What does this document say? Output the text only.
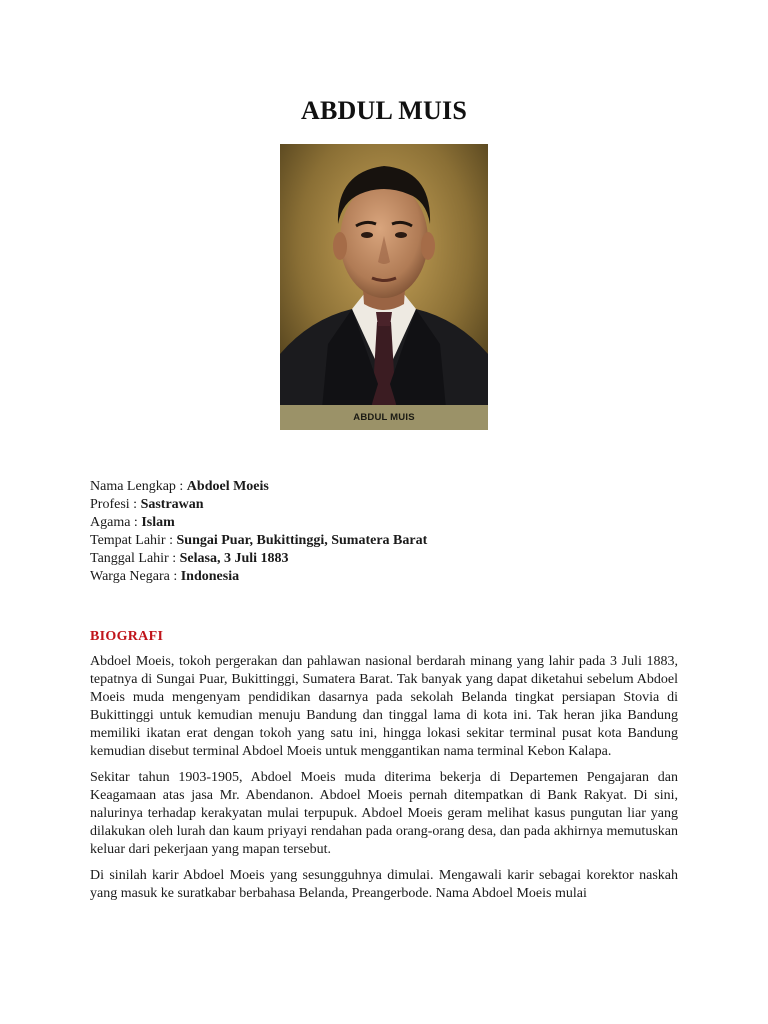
ABDUL MUIS
ABDUL MUIS
Nama Lengkap : Abdoel Moeis
Profesi : Sastrawan
Agama : Islam
Tempat Lahir : Sungai Puar, Bukittinggi, Sumatera Barat
Tanggal Lahir : Selasa, 3 Juli 1883
Warga Negara : Indonesia
BIOGRAFI

Abdoel Moeis, tokoh pergerakan dan pahlawan nasional berdarah minang yang lahir pada 3 Juli 1883, tepatnya di Sungai Puar, Bukittinggi, Sumatera Barat. Tak banyak yang dapat diketahui sebelum Abdoel Moeis muda mengenyam pendidikan dasarnya pada sekolah Belanda tingkat persiapan Stovia di Bukittinggi untuk kemudian menuju Bandung dan tinggal lama di kota ini. Tak heran jika Bandung memiliki ikatan erat dengan tokoh yang satu ini, hingga lokasi sekitar terminal pusat kota Bandung kemudian disebut terminal Abdoel Moeis untuk menggantikan nama terminal Kebon Kalapa.

Sekitar tahun 1903-1905, Abdoel Moeis muda diterima bekerja di Departemen Pengajaran dan Keagamaan atas jasa Mr. Abendanon. Abdoel Moeis pernah ditempatkan di Bank Rakyat. Di sini, nalurinya terhadap kerakyatan mulai terpupuk. Abdoel Moeis geram melihat kasus pungutan liar yang dilakukan oleh lurah dan kaum priyayi rendahan pada orang-orang desa, dan pada akhirnya memutuskan keluar dari pekerjaan yang mapan tersebut.

Di sinilah karir Abdoel Moeis yang sesungguhnya dimulai. Mengawali karir sebagai korektor naskah yang masuk ke suratkabar berbahasa Belanda, Preangerbode. Nama Abdoel Moeis mulai
